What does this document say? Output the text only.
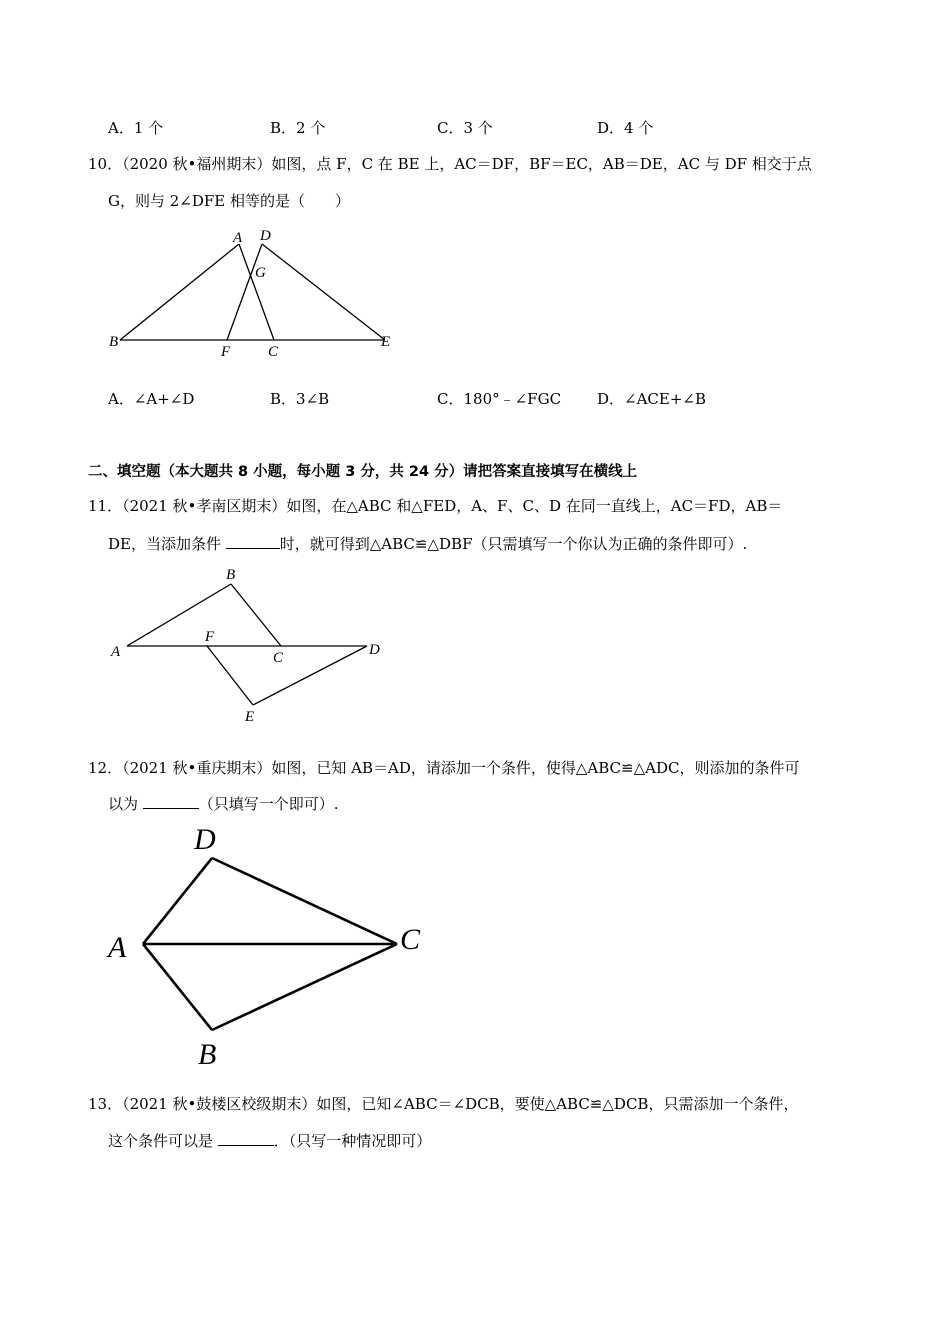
A．1 个	B．2 个	C．3 个	D．4 个
10．（2020 秋•福州期末）如图，点 F，C 在 BE 上，AC＝DF，BF＝EC，AB＝DE，AC 与 DF 相交于点
G，则与 2∠DFE 相等的是（　　）
A D
G
B
F	C
E
A．∠A+∠D	B．3∠B	C．180°﹣∠FGC D．∠ACE+∠B
二、填空题（本大题共 8 小题，每小题 3 分，共 24 分）请把答案直接填写在横线上
11．（2021 秋•孝南区期末）如图，在△ABC 和△FED，A、F、C、D 在同一直线上，AC＝FD，AB＝
DE，当添加条件	时，就可得到△ABC≌△DBF（只需填写一个你认为正确的条件即可）.
B
A
F
C	D
E
12．（2021 秋•重庆期末）如图，已知 AB＝AD，请添加一个条件，使得△ABC≌△ADC，则添加的条件可
以为	（只填写一个即可）.
D
A	C
B
13．（2021 秋•鼓楼区校级期末）如图，已知∠ABC＝∠DCB，要使△ABC≌△DCB，只需添加一个条件，
这个条件可以是	．（只写一种情况即可）
